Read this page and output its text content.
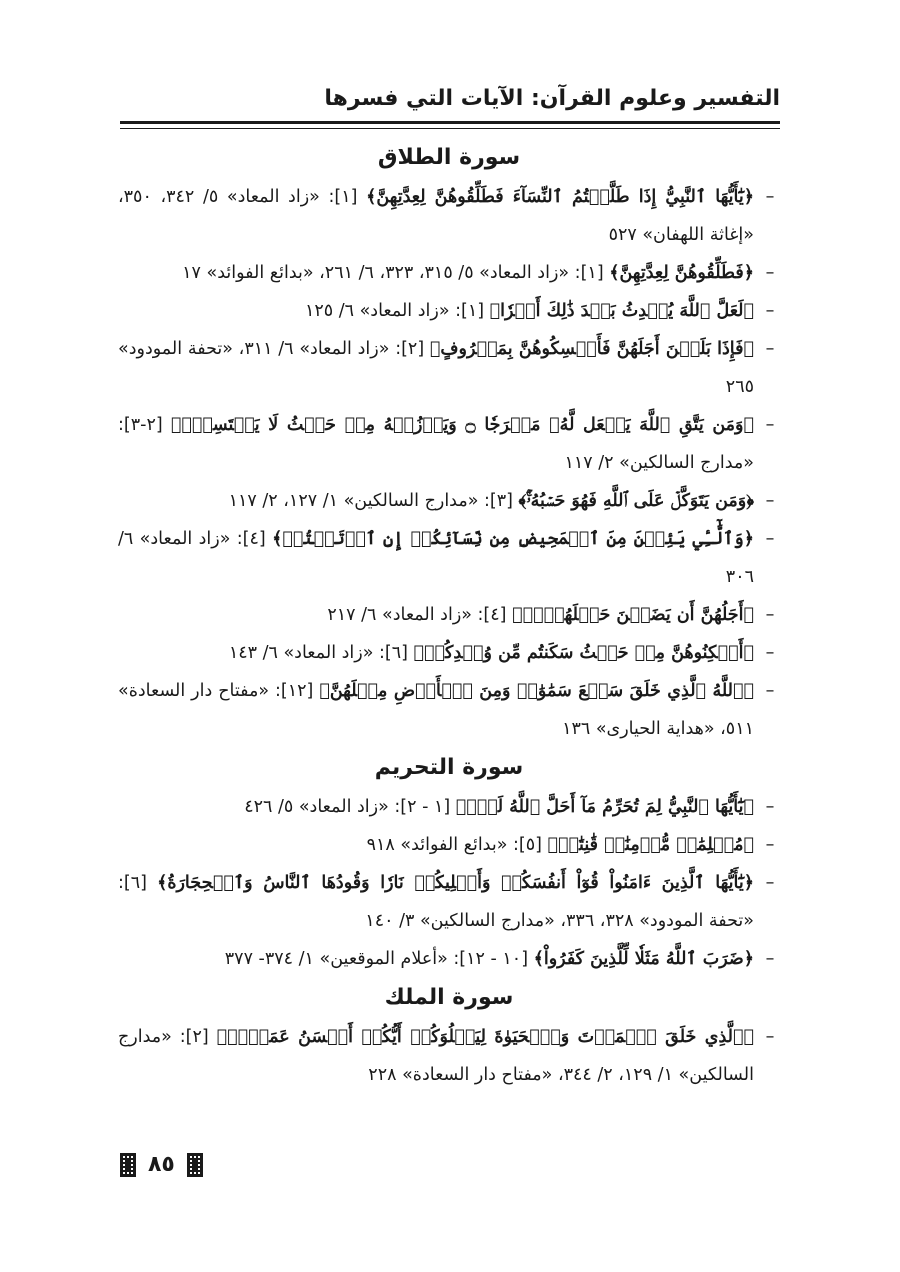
التفسير وعلوم القرآن: الآيات التي فسرها
سورة الطلاق

–
﴿يَٰٓأَيُّهَا ٱلنَّبِيُّ إِذَا طَلَّقۡتُمُ ٱلنِّسَآءَ فَطَلِّقُوهُنَّ لِعِدَّتِهِنَّ﴾ [١]: «زاد المعاد» ٥/ ٣٤٢، ٣٥٠، «إغاثة اللهفان» ٥٢٧

–
﴿فَطَلِّقُوهُنَّ لِعِدَّتِهِنَّ﴾ [١]: «زاد المعاد» ٥/ ٣١٥، ٣٢٣، ٦/ ٢٦١، «بدائع الفوائد» ١٧

–
﴿لَعَلَّ ٱللَّهَ يُحۡدِثُ بَعۡدَ ذَٰلِكَ أَمۡرٗا﴾ [١]: «زاد المعاد» ٦/ ١٢٥

–
﴿فَإِذَا بَلَغۡنَ أَجَلَهُنَّ فَأَمۡسِكُوهُنَّ بِمَعۡرُوفٍ﴾ [٢]: «زاد المعاد» ٦/ ٣١١، «تحفة المودود» ٢٦٥

–
﴿وَمَن يَتَّقِ ٱللَّهَ يَجۡعَل لَّهُۥ مَخۡرَجٗا ۝ وَيَرۡزُقۡهُ مِنۡ حَيۡثُ لَا يَحۡتَسِبُۚ﴾ [٢-٣]: «مدارج السالكين» ٢/ ١١٧

–
﴿وَمَن يَتَوَكَّلۡ عَلَى ٱللَّهِ فَهُوَ حَسۡبُهُۥٓۚ﴾ [٣]: «مدارج السالكين» ١/ ١٢٧، ٢/ ١١٧

–
﴿وَٱلَّٰٓـِٔي يَئِسۡنَ مِنَ ٱلۡمَحِيضِ مِن نِّسَآئِكُمۡ إِنِ ٱرۡتَبۡتُمۡ﴾ [٤]: «زاد المعاد» ٦/ ٣٠٦

–
﴿أَجَلُهُنَّ أَن يَضَعۡنَ حَمۡلَهُنَّۚ﴾ [٤]: «زاد المعاد» ٦/ ٢١٧

–
﴿أَسۡكِنُوهُنَّ مِنۡ حَيۡثُ سَكَنتُم مِّن وُجۡدِكُمۡ﴾ [٦]: «زاد المعاد» ٦/ ١٤٣

–
﴿ٱللَّهُ ٱلَّذِي خَلَقَ سَبۡعَ سَمَٰوَٰتٖ وَمِنَ ٱلۡأَرۡضِ مِثۡلَهُنَّ﴾ [١٢]: «مفتاح دار السعادة» ٥١١، «هداية الحيارى» ١٣٦

سورة التحريم

–
﴿يَٰٓأَيُّهَا ٱلنَّبِيُّ لِمَ تُحَرِّمُ مَآ أَحَلَّ ٱللَّهُ لَكَۖ﴾ [١ - ٢]: «زاد المعاد» ٥/ ٤٢٦

–
﴿مُسۡلِمَٰتٖ مُّؤۡمِنَٰتٖ قَٰنِتَٰتٖ﴾ [٥]: «بدائع الفوائد» ٩١٨

–
﴿يَٰٓأَيُّهَا ٱلَّذِينَ ءَامَنُواْ قُوٓاْ أَنفُسَكُمۡ وَأَهۡلِيكُمۡ نَارٗا وَقُودُهَا ٱلنَّاسُ وَٱلۡحِجَارَةُ﴾ [٦]: «تحفة المودود» ٣٢٨، ٣٣٦، «مدارج السالكين» ٣/ ١٤٠

–
﴿ضَرَبَ ٱللَّهُ مَثَلٗا لِّلَّذِينَ كَفَرُواْ﴾ [١٠ - ١٢]: «أعلام الموقعين» ١/ ٣٧٤- ٣٧٧

سورة الملك

–
﴿ٱلَّذِي خَلَقَ ٱلۡمَوۡتَ وَٱلۡحَيَوٰةَ لِيَبۡلُوَكُمۡ أَيُّكُمۡ أَحۡسَنُ عَمَلٗاۚ﴾ [٢]: «مدارج السالكين» ١/ ١٢٩، ٢/ ٣٤٤، «مفتاح دار السعادة» ٢٢٨

٨٥
